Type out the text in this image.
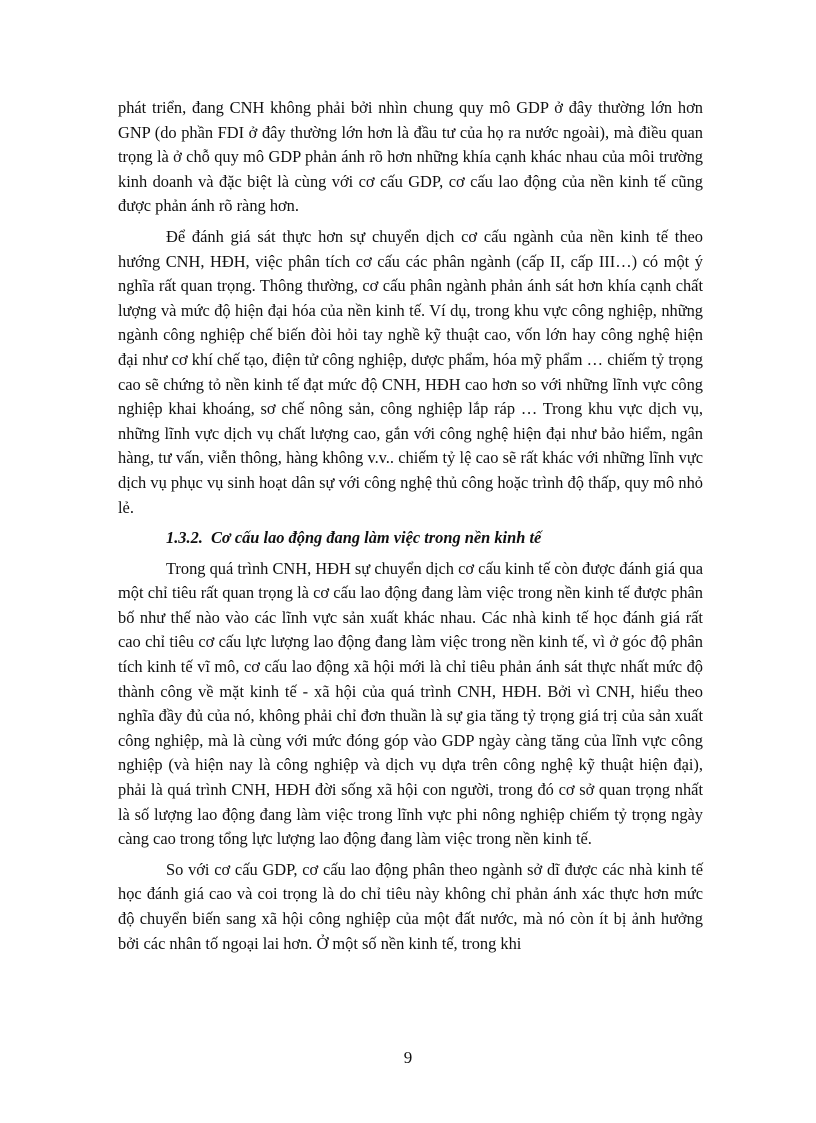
phát triển, đang CNH không phải bởi nhìn chung quy mô GDP ở đây thường lớn hơn GNP (do phần FDI ở đây thường lớn hơn là đầu tư của họ ra nước ngoài), mà điều quan trọng là ở chỗ quy mô GDP phản ánh rõ hơn những khía cạnh khác nhau của môi trường kinh doanh và đặc biệt là cùng với cơ cấu GDP, cơ cấu lao động của nền kinh tế cũng được phản ánh rõ ràng hơn.

Để đánh giá sát thực hơn sự chuyển dịch cơ cấu ngành của nền kinh tế theo hướng CNH, HĐH, việc phân tích cơ cấu các phân ngành (cấp II, cấp III…) có một ý nghĩa rất quan trọng. Thông thường, cơ cấu phân ngành phản ánh sát hơn khía cạnh chất lượng và mức độ hiện đại hóa của nền kinh tế. Ví dụ, trong khu vực công nghiệp, những ngành công nghiệp chế biến đòi hỏi tay nghề kỹ thuật cao, vốn lớn hay công nghệ hiện đại như cơ khí chế tạo, điện tử công nghiệp, dược phẩm, hóa mỹ phẩm … chiếm tỷ trọng cao sẽ chứng tỏ nền kinh tế đạt mức độ CNH, HĐH cao hơn so với những lĩnh vực công nghiệp khai khoáng, sơ chế nông sản, công nghiệp lắp ráp … Trong khu vực dịch vụ, những lĩnh vực dịch vụ chất lượng cao, gắn với công nghệ hiện đại như bảo hiểm, ngân hàng, tư vấn, viễn thông, hàng không v.v.. chiếm tỷ lệ cao sẽ rất khác với những lĩnh vực dịch vụ phục vụ sinh hoạt dân sự với công nghệ thủ công hoặc trình độ thấp, quy mô nhỏ lẻ.

1.3.2. Cơ cấu lao động đang làm việc trong nền kinh tế

Trong quá trình CNH, HĐH sự chuyển dịch cơ cấu kinh tế còn được đánh giá qua một chỉ tiêu rất quan trọng là cơ cấu lao động đang làm việc trong nền kinh tế được phân bố như thế nào vào các lĩnh vực sản xuất khác nhau. Các nhà kinh tế học đánh giá rất cao chỉ tiêu cơ cấu lực lượng lao động đang làm việc trong nền kinh tế, vì ở góc độ phân tích kinh tế vĩ mô, cơ cấu lao động xã hội mới là chỉ tiêu phản ánh sát thực nhất mức độ thành công về mặt kinh tế - xã hội của quá trình CNH, HĐH. Bởi vì CNH, hiểu theo nghĩa đầy đủ của nó, không phải chỉ đơn thuần là sự gia tăng tỷ trọng giá trị của sản xuất công nghiệp, mà là cùng với mức đóng góp vào GDP ngày càng tăng của lĩnh vực công nghiệp (và hiện nay là công nghiệp và dịch vụ dựa trên công nghệ kỹ thuật hiện đại), phải là quá trình CNH, HĐH đời sống xã hội con người, trong đó cơ sở quan trọng nhất là số lượng lao động đang làm việc trong lĩnh vực phi nông nghiệp chiếm tỷ trọng ngày càng cao trong tổng lực lượng lao động đang làm việc trong nền kinh tế.

So với cơ cấu GDP, cơ cấu lao động phân theo ngành sở dĩ được các nhà kinh tế học đánh giá cao và coi trọng là do chỉ tiêu này không chỉ phản ánh xác thực hơn mức độ chuyển biến sang xã hội công nghiệp của một đất nước, mà nó còn ít bị ảnh hưởng bởi các nhân tố ngoại lai hơn. Ở một số nền kinh tế, trong khi

9
